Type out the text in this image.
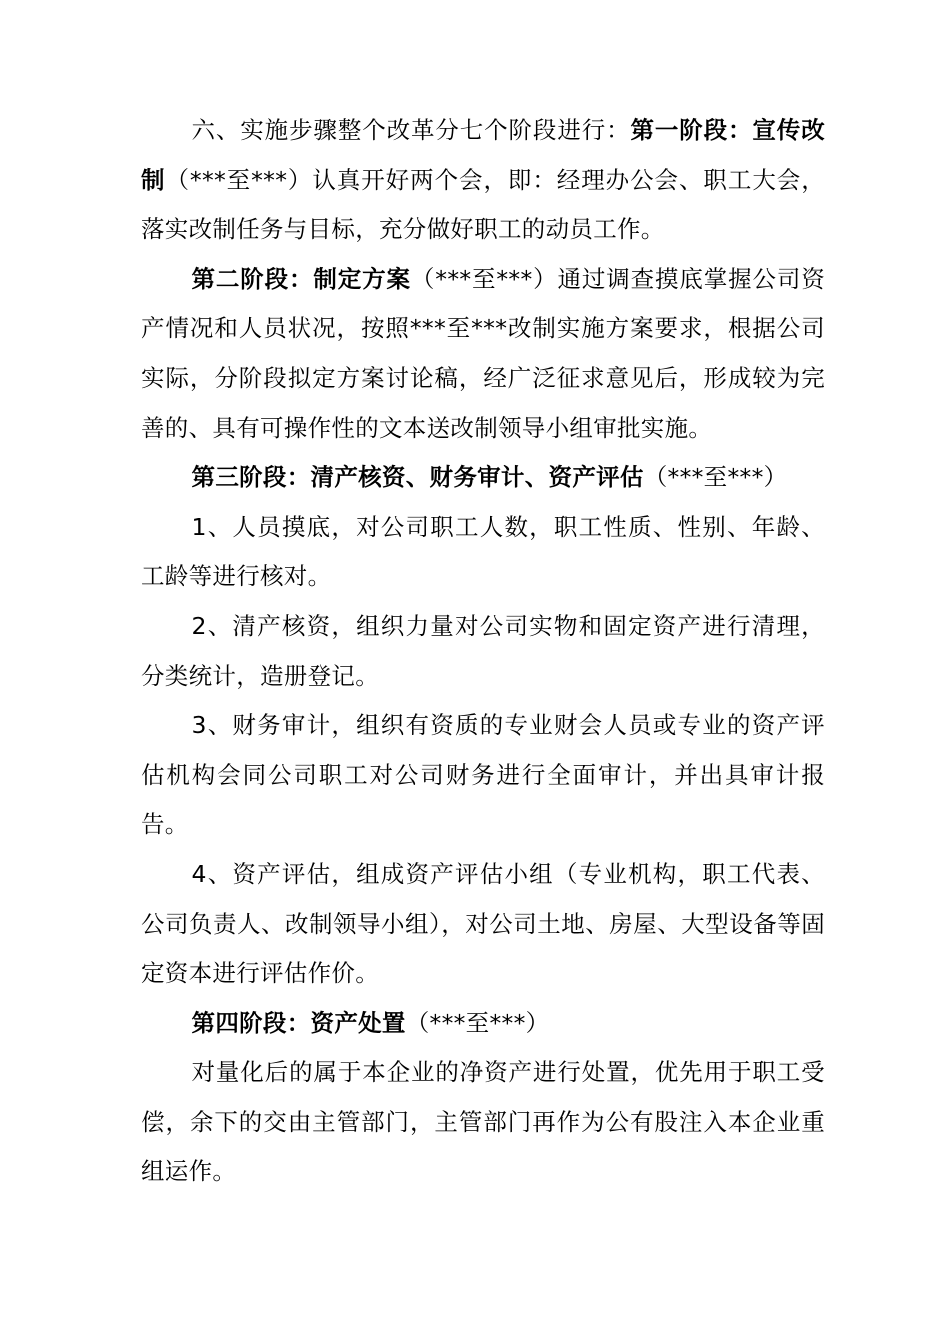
六、实施步骤整个改革分七个阶段进行：第一阶段：宣传改制（***至***）认真开好两个会，即：经理办公会、职工大会，落实改制任务与目标，充分做好职工的动员工作。

第二阶段：制定方案（***至***）通过调查摸底掌握公司资产情况和人员状况，按照***至***改制实施方案要求，根据公司实际，分阶段拟定方案讨论稿，经广泛征求意见后，形成较为完善的、具有可操作性的文本送改制领导小组审批实施。

第三阶段：清产核资、财务审计、资产评估（***至***）

1、人员摸底，对公司职工人数，职工性质、性别、年龄、工龄等进行核对。

2、清产核资，组织力量对公司实物和固定资产进行清理，分类统计，造册登记。

3、财务审计，组织有资质的专业财会人员或专业的资产评估机构会同公司职工对公司财务进行全面审计，并出具审计报告。

4、资产评估，组成资产评估小组（专业机构，职工代表、公司负责人、改制领导小组），对公司土地、房屋、大型设备等固定资本进行评估作价。

第四阶段：资产处置（***至***）

对量化后的属于本企业的净资产进行处置，优先用于职工受偿，余下的交由主管部门，主管部门再作为公有股注入本企业重组运作。
